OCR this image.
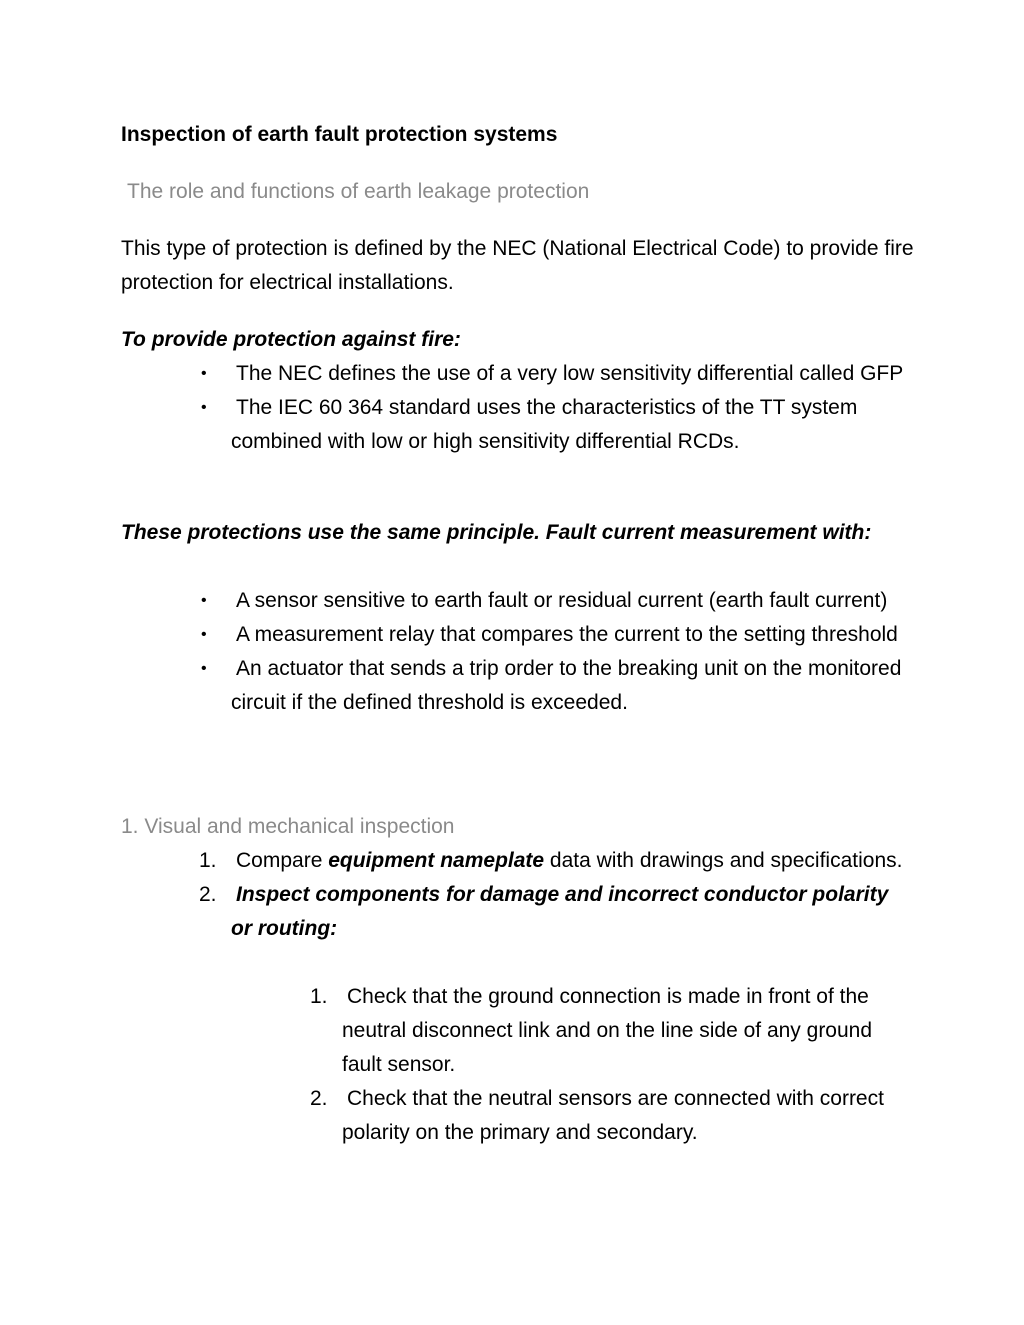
Inspection of earth fault protection systems

The role and functions of earth leakage protection

This type of protection is defined by the NEC (National Electrical Code) to provide fire protection for electrical installations.

To provide protection against fire:

• The NEC defines the use of a very low sensitivity differential called GFP
• The IEC 60 364 standard uses the characteristics of the TT system combined with low or high sensitivity differential RCDs.

These protections use the same principle. Fault current measurement with:

• A sensor sensitive to earth fault or residual current (earth fault current)
• A measurement relay that compares the current to the setting threshold
• An actuator that sends a trip order to the breaking unit on the monitored circuit if the defined threshold is exceeded.

1. Visual and mechanical inspection

1. Compare equipment nameplate data with drawings and specifications.
2. Inspect components for damage and incorrect conductor polarity or routing:
1. Check that the ground connection is made in front of the neutral disconnect link and on the line side of any ground fault sensor.
2. Check that the neutral sensors are connected with correct polarity on the primary and secondary.
